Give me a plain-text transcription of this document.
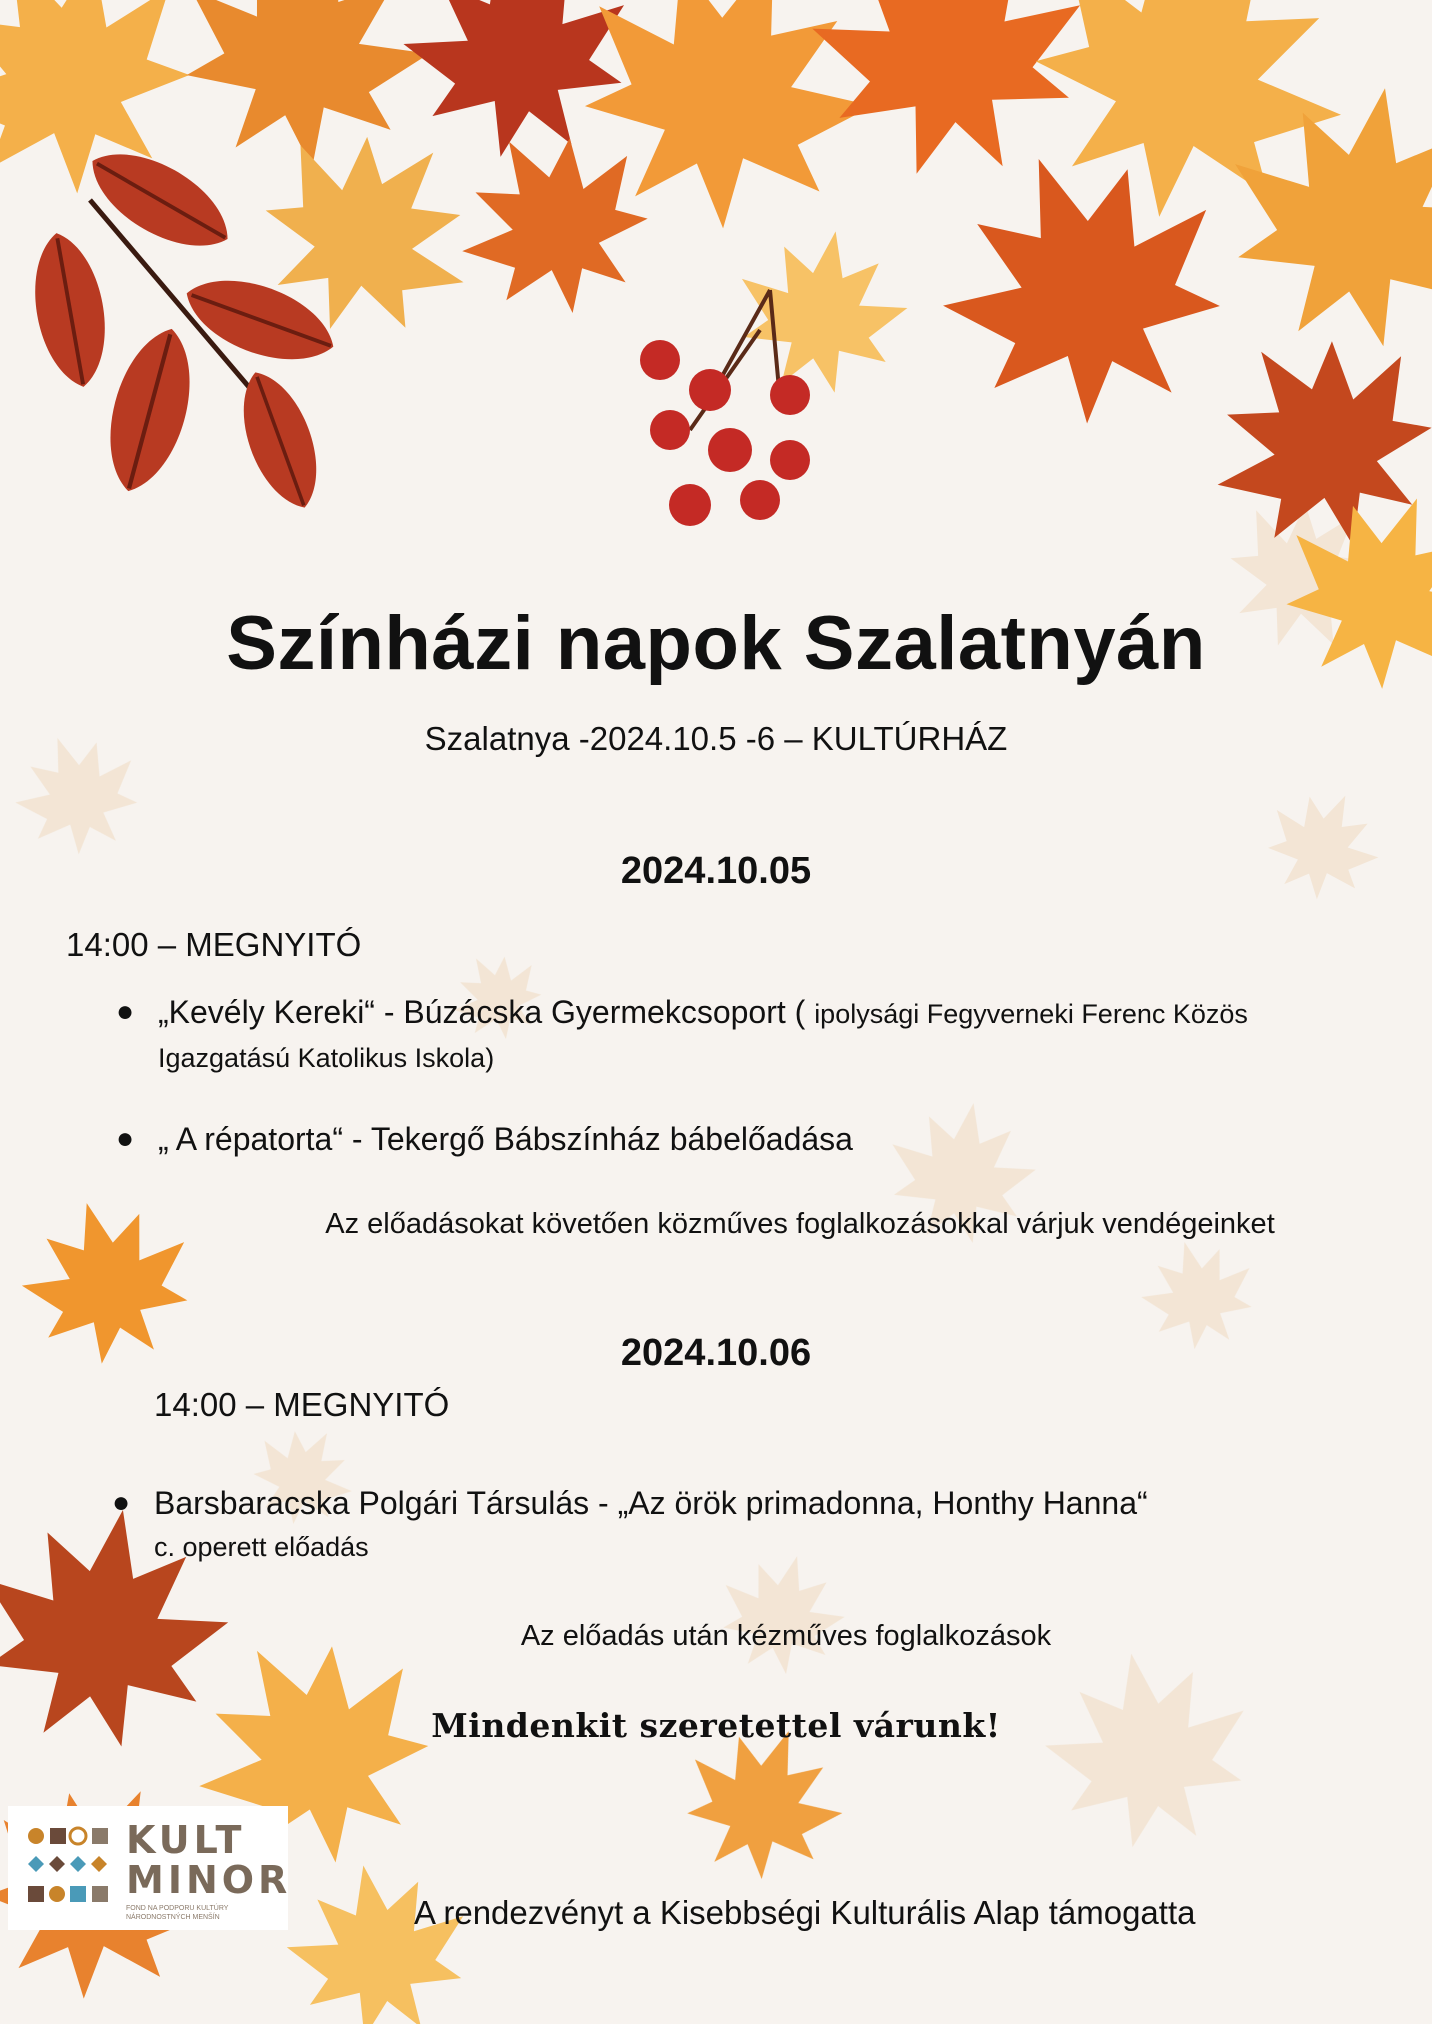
Színházi napok Szalatnyán

Szalatnya -2024.10.5 -6 – KULTÚRHÁZ

2024.10.05

14:00 – MEGNYITÓ

● „Kevély Kereki“ - Búzácska Gyermekcsoport ( ipolysági Fegyverneki Ferenc Közös
Igazgatású Katolikus Iskola)
● „ A répatorta“ - Tekergő Bábszínház bábelőadása

Az előadásokat követően közműves foglalkozásokkal várjuk vendégeinket

2024.10.06

14:00 – MEGNYITÓ

● Barsbaracska Polgári Társulás - „Az örök primadonna, Honthy Hanna“
c. operett előadás

Az előadás után kézműves foglalkozások

Mindenkit szeretettel várunk!

KULT
MINOR
FOND NA PODPORU KULTÚRY NÁRODNOSTNÝCH MENŠÍN	A rendezvényt a Kisebbségi Kulturális Alap támogatta
